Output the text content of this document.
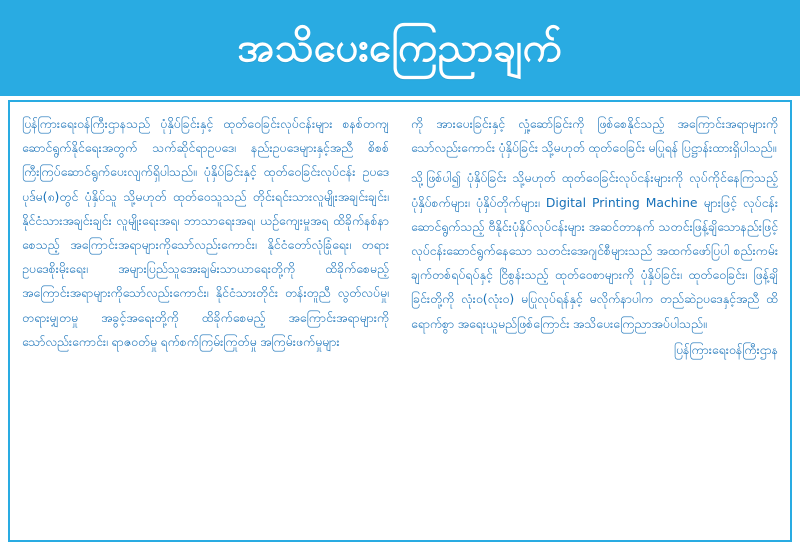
အသိပေးကြေညာချက်

ပြန်ကြားရေးဝန်ကြီးဌာနသည် ပုံနှိပ်ခြင်းနှင့် ထုတ်ဝေခြင်းလုပ်ငန်းများ စနစ်တကျ ဆောင်ရွက်နိုင်ရေးအတွက် သက်ဆိုင်ရာဥပဒေ၊ နည်းဥပဒေများနှင့်အညီ စိစစ်ကြီးကြပ်ဆောင်ရွက်ပေးလျက်ရှိပါသည်။ ပုံနှိပ်ခြင်းနှင့် ထုတ်ဝေခြင်းလုပ်ငန်း ဥပဒေပုဒ်မ(၈)တွင် ပုံနှိပ်သူ သို့မဟုတ် ထုတ်ဝေသူသည် တိုင်းရင်းသားလူမျိုးအချင်းချင်း၊ နိုင်ငံသားအချင်းချင်း လူမျိုးရေးအရ၊ ဘာသာရေးအရ၊ ယဉ်ကျေးမှုအရ ထိခိုက်နစ်နာစေသည့် အကြောင်းအရာများကိုသော်လည်းကောင်း၊ နိုင်ငံတော်လုံခြုံရေး၊ တရားဥပဒေစိုးမိုးရေး၊ အများပြည်သူအေးချမ်းသာယာရေးတို့ကို ထိခိုက်စေမည့် အကြောင်းအရာများကိုသော်လည်းကောင်း၊ နိုင်ငံသားတိုင်း တန်းတူညီ လွတ်လပ်မှု၊ တရားမျှတမှု အခွင့်အရေးတို့ကို ထိခိုက်စေမည့် အကြောင်းအရာများကိုသော်လည်းကောင်း၊ ရာဇဝတ်မှု ရက်စက်ကြမ်းကြုတ်မှု အကြမ်းဖက်မှုများ

ကို အားပေးခြင်းနှင့် လှုံ့ဆော်ခြင်းကို ဖြစ်စေနိုင်သည့် အကြောင်းအရာများကိုသော်လည်းကောင်း ပုံနှိပ်ခြင်း သို့မဟုတ် ထုတ်ဝေခြင်း မပြုရန် ပြဋ္ဌာန်းထားရှိပါသည်။

သို့ဖြစ်ပါ၍ ပုံနှိပ်ခြင်း သို့မဟုတ် ထုတ်ဝေခြင်းလုပ်ငန်းများကို လုပ်ကိုင်နေကြသည့် ပုံနှိပ်စက်များ၊ ပုံနှိပ်တိုက်များ၊ Digital Printing Machine များဖြင့် လုပ်ငန်းဆောင်ရွက်သည့် ဗီနိုင်းပုံနှိပ်လုပ်ငန်းများ အဆင်တာနက် သတင်းဖြန့်ချိသောနည်းဖြင့် လုပ်ငန်းဆောင်ရွက်နေသော သတင်းအေဂျင်စီများသည် အထက်ဖော်ပြပါ စည်းကမ်းချက်တစ်ရပ်ရပ်နှင့် ငြိစွန်းသည့် ထုတ်ဝေစာများကို ပုံနှိပ်ခြင်း၊ ထုတ်ဝေခြင်း၊ ဖြန့်ချိခြင်းတို့ကို လုံးဝ(လုံးဝ) မပြုလုပ်ရန်နှင့် မလိုက်နာပါက တည်ဆဲဥပဒေနှင့်အညီ ထိရောက်စွာ အရေးယူမည်ဖြစ်ကြောင်း အသိပေးကြေညာအပ်ပါသည်။

ပြန်ကြားရေးဝန်ကြီးဌာန
